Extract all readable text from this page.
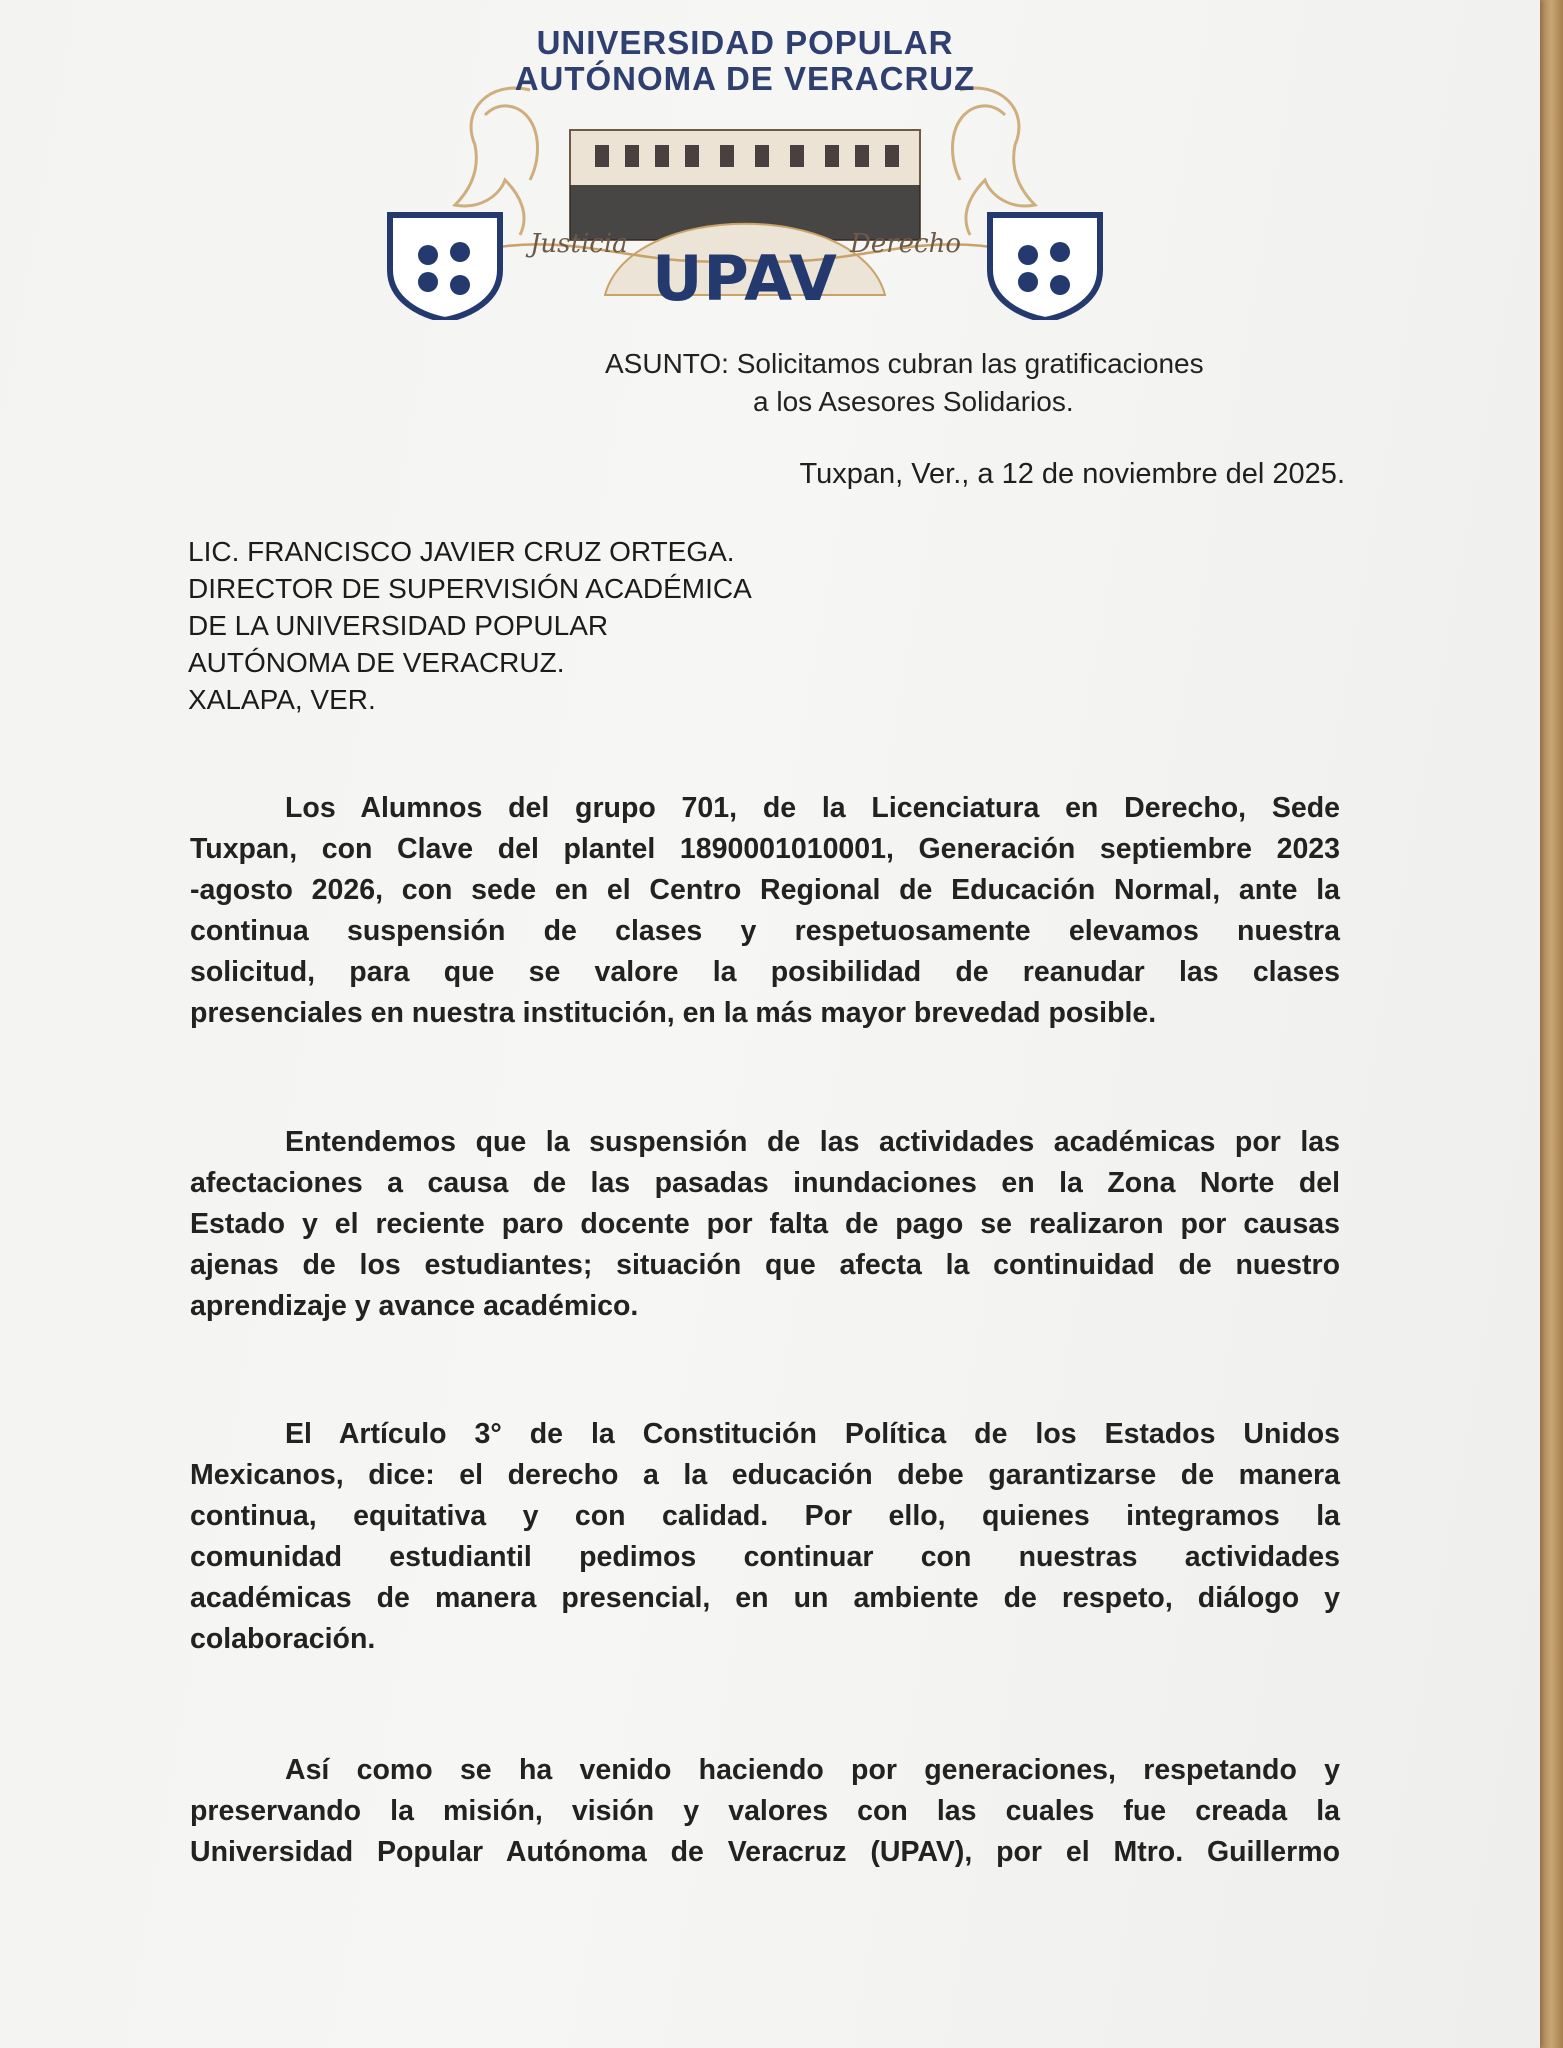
Justicia	Derecho
UNIVERSIDAD POPULAR
AUTÓNOMA DE VERACRUZ
UPAV
ASUNTO: Solicitamos cubran las gratificaciones
a los Asesores Solidarios.
Tuxpan, Ver., a 12 de noviembre del 2025.
LIC. FRANCISCO JAVIER CRUZ ORTEGA.
DIRECTOR DE SUPERVISIÓN ACADÉMICA
DE LA UNIVERSIDAD POPULAR
AUTÓNOMA DE VERACRUZ.
XALAPA, VER.
Los Alumnos del grupo 701, de la Licenciatura en Derecho, Sede
Tuxpan, con Clave del plantel 1890001010001, Generación septiembre 2023
-agosto 2026, con sede en el Centro Regional de Educación Normal, ante la
continua suspensión de clases y respetuosamente elevamos nuestra
solicitud, para que se valore la posibilidad de reanudar las clases
presenciales en nuestra institución, en la más mayor brevedad posible.
Entendemos que la suspensión de las actividades académicas por las
afectaciones a causa de las pasadas inundaciones en la Zona Norte del
Estado y el reciente paro docente por falta de pago se realizaron por causas
ajenas de los estudiantes; situación que afecta la continuidad de nuestro
aprendizaje y avance académico.
El Artículo 3° de la Constitución Política de los Estados Unidos
Mexicanos, dice: el derecho a la educación debe garantizarse de manera
continua, equitativa y con calidad. Por ello, quienes integramos la
comunidad estudiantil pedimos continuar con nuestras actividades
académicas de manera presencial, en un ambiente de respeto, diálogo y
colaboración.
Así como se ha venido haciendo por generaciones, respetando y
preservando la misión, visión y valores con las cuales fue creada la
Universidad Popular Autónoma de Veracruz (UPAV), por el Mtro. Guillermo
